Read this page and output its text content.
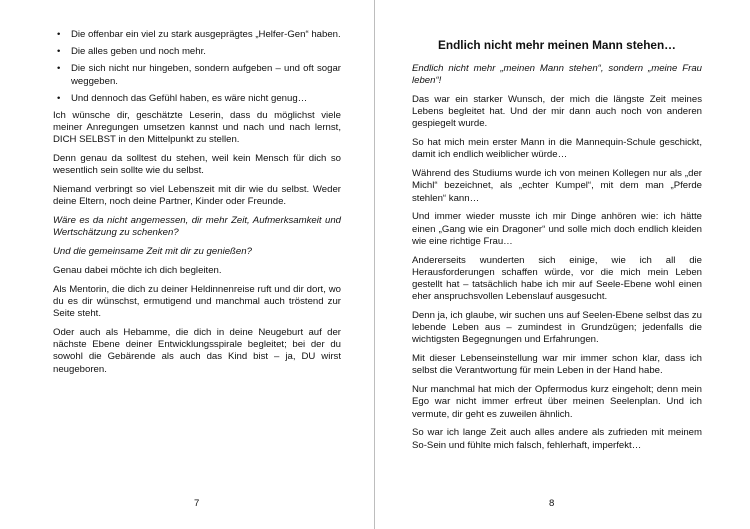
• Die offenbar ein viel zu stark ausgeprägtes „Helfer-Gen“ haben.
• Die alles geben und noch mehr.
• Die sich nicht nur hingeben, sondern aufgeben – und oft sogar weggeben.
• Und dennoch das Gefühl haben, es wäre nicht genug…

Ich wünsche dir, geschätzte Leserin, dass du möglichst viele meiner Anregungen umsetzen kannst und nach und nach lernst, DICH SELBST in den Mittelpunkt zu stellen.

Denn genau da solltest du stehen, weil kein Mensch für dich so wesentlich sein sollte wie du selbst.

Niemand verbringt so viel Lebenszeit mit dir wie du selbst. Weder deine Eltern, noch deine Partner, Kinder oder Freunde.

Wäre es da nicht angemessen, dir mehr Zeit, Aufmerksamkeit und Wertschätzung zu schenken?

Und die gemeinsame Zeit mit dir zu genießen?

Genau dabei möchte ich dich begleiten.

Als Mentorin, die dich zu deiner Heldinnenreise ruft und dir dort, wo du es dir wünschst, ermutigend und manchmal auch tröstend zur Seite steht.

Oder auch als Hebamme, die dich in deine Neugeburt auf der nächste Ebene deiner Entwicklungsspirale begleitet; bei der du sowohl die Gebärende als auch das Kind bist – ja, DU wirst neugeboren.

7
Endlich nicht mehr meinen Mann stehen…

Endlich nicht mehr „meinen Mann stehen“, sondern „meine Frau leben“!

Das war ein starker Wunsch, der mich die längste Zeit meines Lebens begleitet hat. Und der mir dann auch noch von anderen gespiegelt wurde.

So hat mich mein erster Mann in die Mannequin-Schule geschickt, damit ich endlich weiblicher würde…

Während des Studiums wurde ich von meinen Kollegen nur als „der Michl“ bezeichnet, als „echter Kumpel“, mit dem man „Pferde stehlen“ kann…

Und immer wieder musste ich mir Dinge anhören wie: ich hätte einen „Gang wie ein Dragoner“ und solle mich doch endlich kleiden wie eine richtige Frau…

Andererseits wunderten sich einige, wie ich all die Herausforderungen schaffen würde, vor die mich mein Leben gestellt hat – tatsächlich habe ich mir auf Seele-Ebene wohl einen eher anspruchsvollen Lebenslauf ausgesucht.

Denn ja, ich glaube, wir suchen uns auf Seelen-Ebene selbst das zu lebende Leben aus – zumindest in Grundzügen; jedenfalls die wichtigsten Begegnungen und Erfahrungen.

Mit dieser Lebenseinstellung war mir immer schon klar, dass ich selbst die Verantwortung für mein Leben in der Hand habe.

Nur manchmal hat mich der Opfermodus kurz eingeholt; denn mein Ego war nicht immer erfreut über meinen Seelenplan. Und ich vermute, dir geht es zuweilen ähnlich.

So war ich lange Zeit auch alles andere als zufrieden mit meinem So-Sein und fühlte mich falsch, fehlerhaft, imperfekt…

8
